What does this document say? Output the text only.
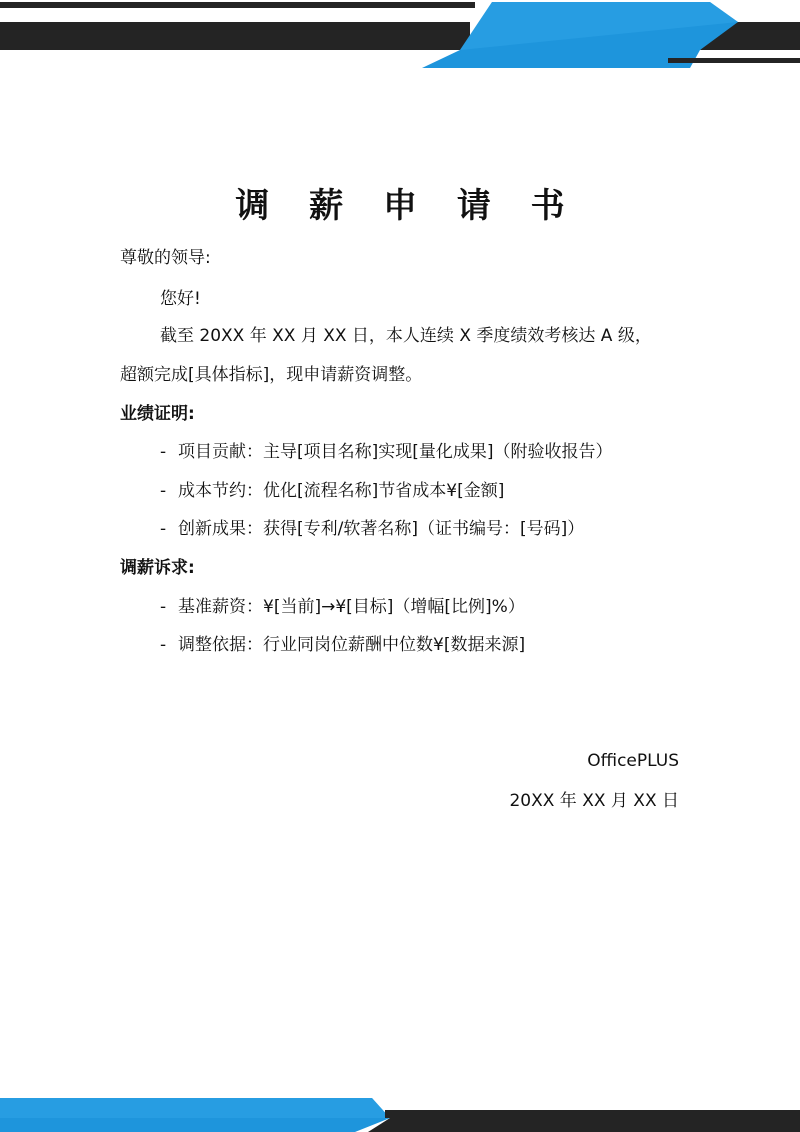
调 薪 申 请 书
尊敬的领导:
您好!
截至 20XX 年 XX 月 XX 日，本人连续 X 季度绩效考核达 A 级，
超额完成[具体指标]，现申请薪资调整。
业绩证明:
- 项目贡献：主导[项目名称]实现[量化成果]（附验收报告）
- 成本节约：优化[流程名称]节省成本¥[金额]
- 创新成果：获得[专利/软著名称]（证书编号：[号码]）
调薪诉求:
- 基准薪资：¥[当前]→¥[目标]（增幅[比例]%）
- 调整依据：行业同岗位薪酬中位数¥[数据来源]
OfficePLUS
20XX 年 XX 月 XX 日
